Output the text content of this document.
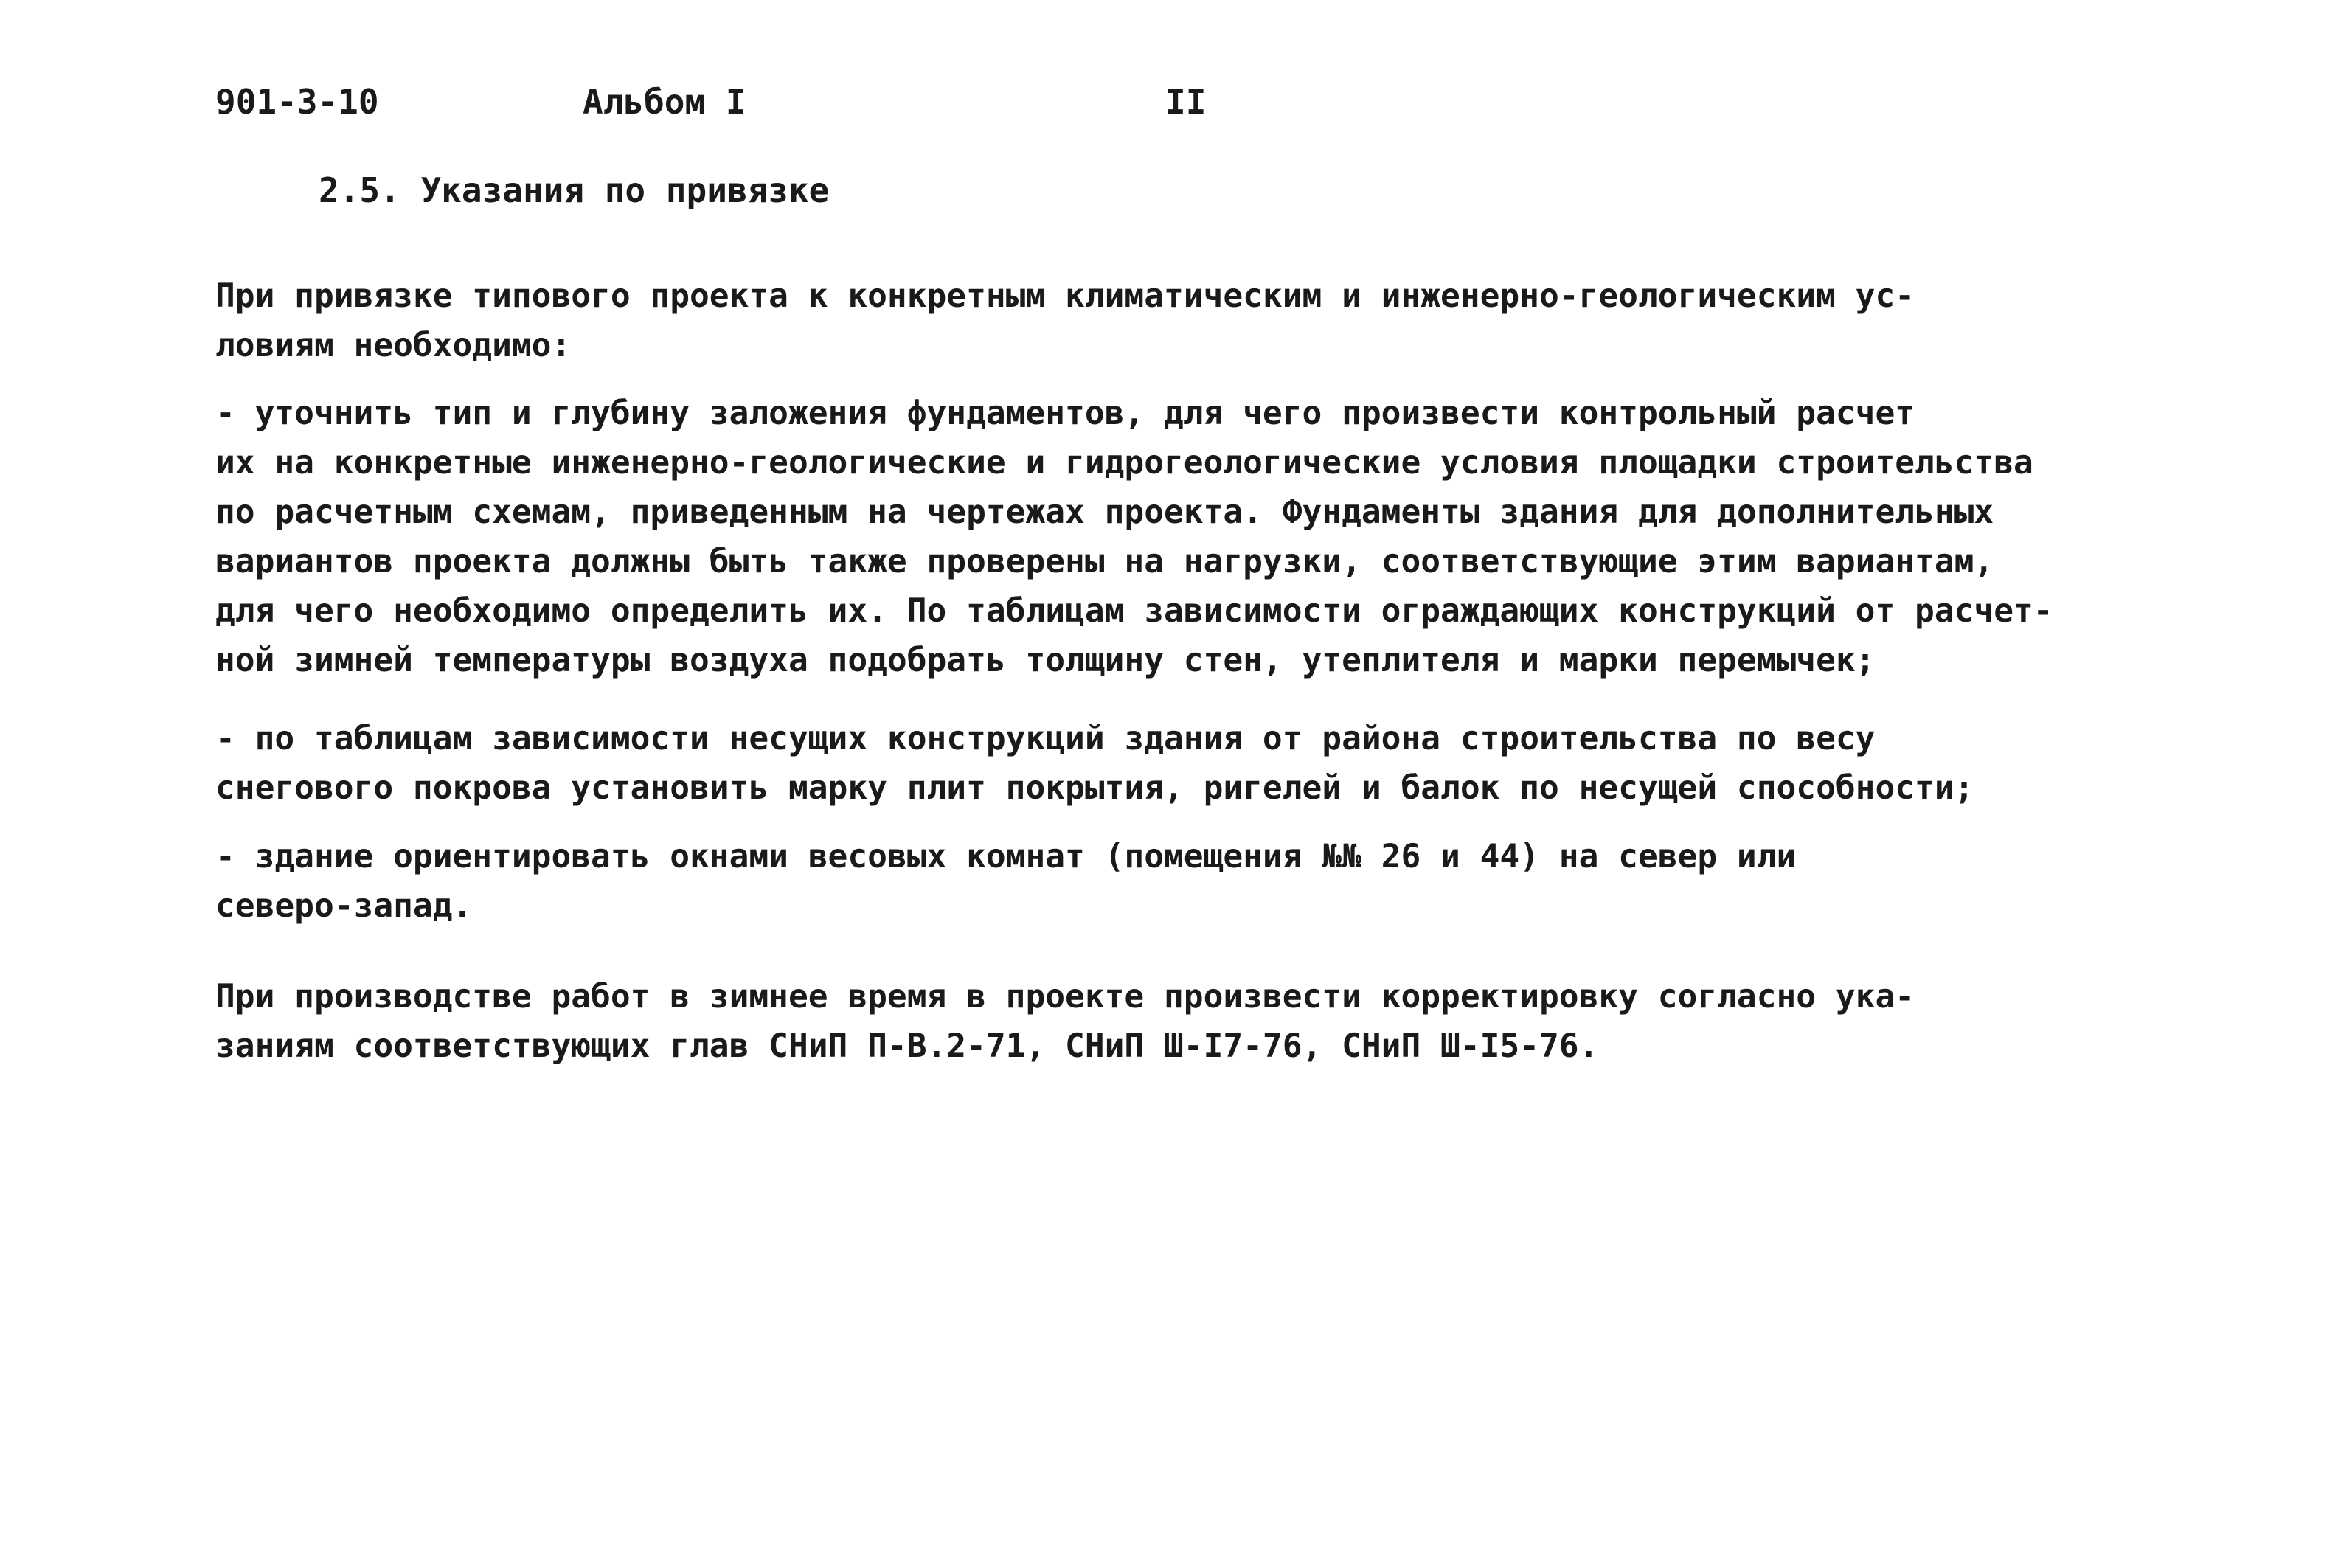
901-3-10	Альбом I	II
2.5. Указания по привязке
При привязке типового проекта к конкретным климатическим и инженерно-геологическим ус-
ловиям необходимо:
- уточнить тип и глубину заложения фундаментов, для чего произвести контрольный расчет
их на конкретные инженерно-геологические и гидрогеологические условия площадки строительства
по расчетным схемам, приведенным на чертежах проекта. Фундаменты здания для дополнительных
вариантов проекта должны быть также проверены на нагрузки, соответствующие этим вариантам,
для чего необходимо определить их. По таблицам зависимости ограждающих конструкций от расчет-
ной зимней температуры воздуха подобрать толщину стен, утеплителя и марки перемычек;
- по таблицам зависимости несущих конструкций здания от района строительства по весу
снегового покрова установить марку плит покрытия, ригелей и балок по несущей способности;
- здание ориентировать окнами весовых комнат (помещения №№ 26 и 44) на север или
северо-запад.
При производстве работ в зимнее время в проекте произвести корректировку согласно ука-
заниям соответствующих глав СНиП П-В.2-71, СНиП Ш-I7-76, СНиП Ш-I5-76.
